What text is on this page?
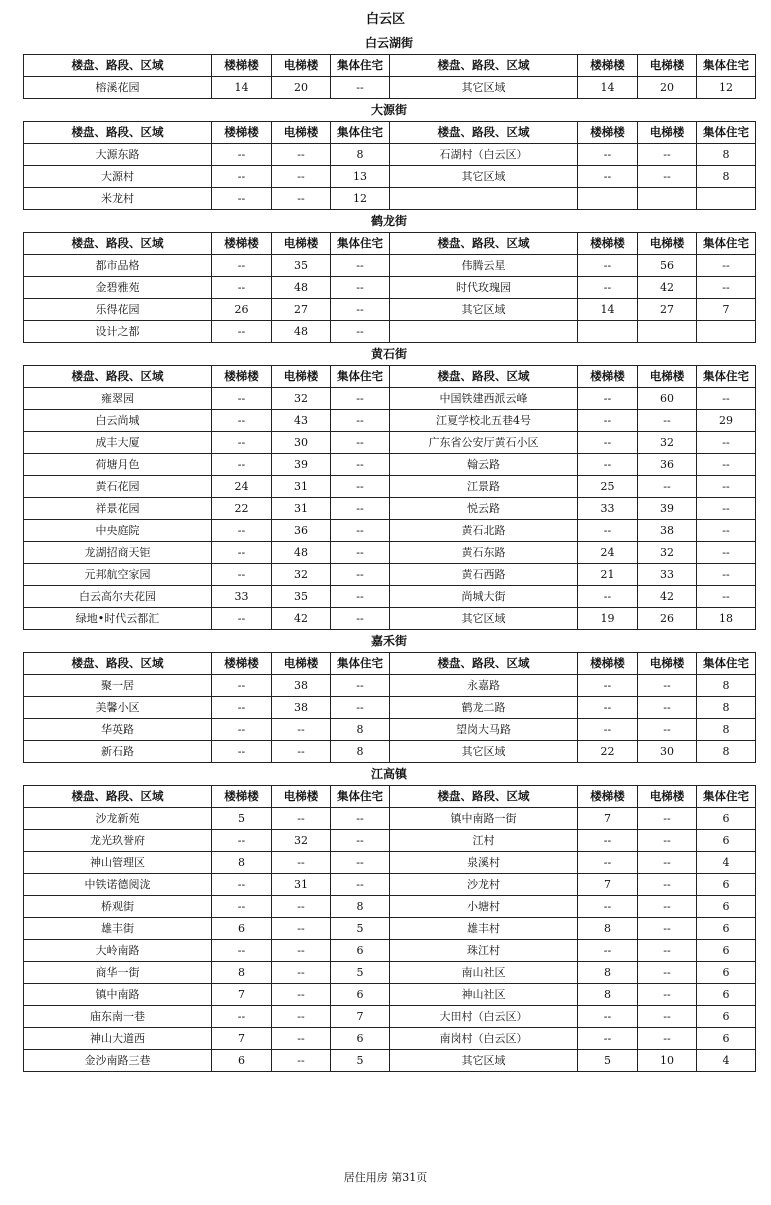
白云区
白云湖街
楼盘、路段、区域	楼梯楼	电梯楼	集体住宅	楼盘、路段、区域	楼梯楼	电梯楼	集体住宅
榕溪花园	14	20	--	其它区域	14	20	12
大源街
楼盘、路段、区域	楼梯楼	电梯楼	集体住宅	楼盘、路段、区域	楼梯楼	电梯楼	集体住宅
大源东路	--	--	8	石湖村（白云区）	--	--	8
大源村	--	--	13	其它区域	--	--	8
米龙村	--	--	12				
鹤龙街
楼盘、路段、区域	楼梯楼	电梯楼	集体住宅	楼盘、路段、区域	楼梯楼	电梯楼	集体住宅
都市品格	--	35	--	伟腾云星	--	56	--
金碧雅苑	--	48	--	时代玫瑰园	--	42	--
乐得花园	26	27	--	其它区域	14	27	7
设计之都	--	48	--				
黄石街
楼盘、路段、区域	楼梯楼	电梯楼	集体住宅	楼盘、路段、区域	楼梯楼	电梯楼	集体住宅
雍翠园	--	32	--	中国铁建西派云峰	--	60	--
白云尚城	--	43	--	江夏学校北五巷4号	--	--	29
成丰大厦	--	30	--	广东省公安厅黄石小区	--	32	--
荷塘月色	--	39	--	翰云路	--	36	--
黄石花园	24	31	--	江景路	25	--	--
祥景花园	22	31	--	悦云路	33	39	--
中央庭院	--	36	--	黄石北路	--	38	--
龙湖招商天钜	--	48	--	黄石东路	24	32	--
元邦航空家园	--	32	--	黄石西路	21	33	--
白云高尔夫花园	33	35	--	尚城大街	--	42	--
绿地•时代云都汇	--	42	--	其它区域	19	26	18
嘉禾街
楼盘、路段、区域	楼梯楼	电梯楼	集体住宅	楼盘、路段、区域	楼梯楼	电梯楼	集体住宅
聚一居	--	38	--	永嘉路	--	--	8
美馨小区	--	38	--	鹤龙二路	--	--	8
华英路	--	--	8	望岗大马路	--	--	8
新石路	--	--	8	其它区域	22	30	8
江高镇
楼盘、路段、区域	楼梯楼	电梯楼	集体住宅	楼盘、路段、区域	楼梯楼	电梯楼	集体住宅
沙龙新苑	5	--	--	镇中南路一街	7	--	6
龙光玖誉府	--	32	--	江村	--	--	6
神山管理区	8	--	--	泉溪村	--	--	4
中铁诺德阅泷	--	31	--	沙龙村	7	--	6
桥观街	--	--	8	小塘村	--	--	6
雄丰街	6	--	5	雄丰村	8	--	6
大岭南路	--	--	6	珠江村	--	--	6
商华一街	8	--	5	南山社区	8	--	6
镇中南路	7	--	6	神山社区	8	--	6
庙东南一巷	--	--	7	大田村（白云区）	--	--	6
神山大道西	7	--	6	南岗村（白云区）	--	--	6
金沙南路三巷	6	--	5	其它区域	5	10	4
居住用房 第31页
